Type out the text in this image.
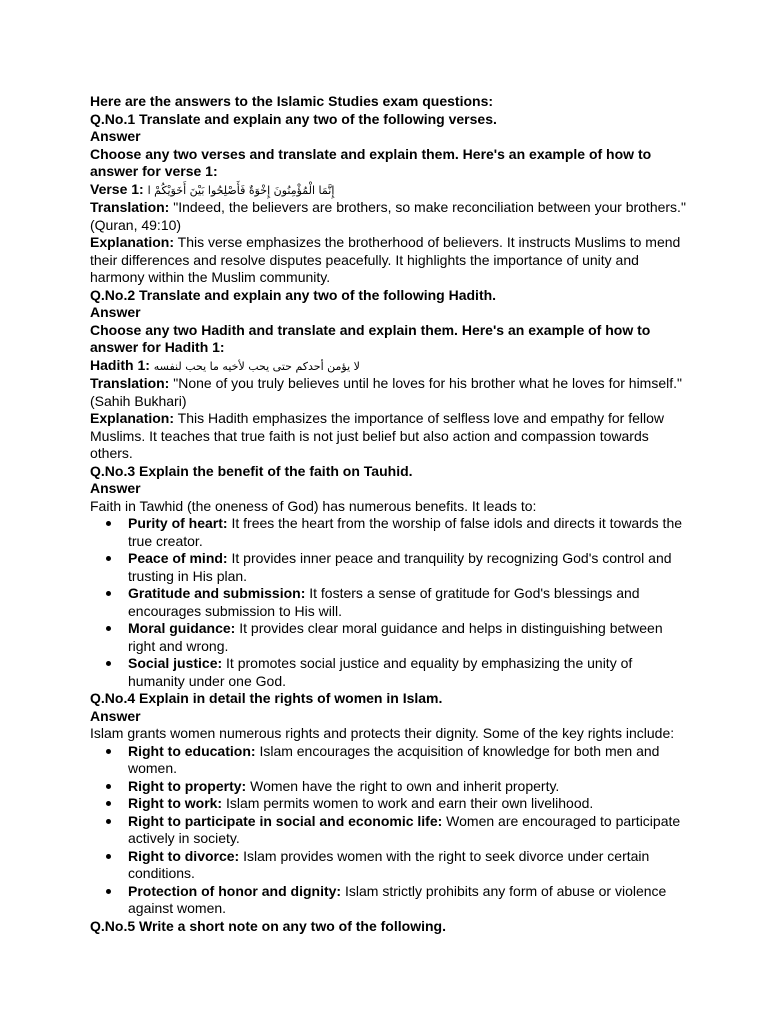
Here are the answers to the Islamic Studies exam questions:

Q.No.1 Translate and explain any two of the following verses.

Answer

Choose any two verses and translate and explain them. Here's an example of how to answer for verse 1:

Verse 1: إِنَّمَا الْمُؤْمِنُونَ إِخْوَةٌ فَأَصْلِحُوا بَيْنَ أَخَوَيْكُمْ ا

Translation: "Indeed, the believers are brothers, so make reconciliation between your brothers." (Quran, 49:10)

Explanation: This verse emphasizes the brotherhood of believers. It instructs Muslims to mend their differences and resolve disputes peacefully. It highlights the importance of unity and harmony within the Muslim community.

Q.No.2 Translate and explain any two of the following Hadith.

Answer

Choose any two Hadith and translate and explain them. Here's an example of how to answer for Hadith 1:

Hadith 1: لا يؤمن أحدكم حتى يحب لأخيه ما يحب لنفسه

Translation: "None of you truly believes until he loves for his brother what he loves for himself." (Sahih Bukhari)

Explanation: This Hadith emphasizes the importance of selfless love and empathy for fellow Muslims. It teaches that true faith is not just belief but also action and compassion towards others.

Q.No.3 Explain the benefit of the faith on Tauhid.

Answer

Faith in Tawhid (the oneness of God) has numerous benefits. It leads to:

Purity of heart: It frees the heart from the worship of false idols and directs it towards the true creator.
Peace of mind: It provides inner peace and tranquility by recognizing God's control and trusting in His plan.
Gratitude and submission: It fosters a sense of gratitude for God's blessings and encourages submission to His will.
Moral guidance: It provides clear moral guidance and helps in distinguishing between right and wrong.
Social justice: It promotes social justice and equality by emphasizing the unity of humanity under one God.

Q.No.4 Explain in detail the rights of women in Islam.

Answer

Islam grants women numerous rights and protects their dignity. Some of the key rights include:

Right to education: Islam encourages the acquisition of knowledge for both men and women.
Right to property: Women have the right to own and inherit property.
Right to work: Islam permits women to work and earn their own livelihood.
Right to participate in social and economic life: Women are encouraged to participate actively in society.
Right to divorce: Islam provides women with the right to seek divorce under certain conditions.
Protection of honor and dignity: Islam strictly prohibits any form of abuse or violence against women.

Q.No.5 Write a short note on any two of the following.
